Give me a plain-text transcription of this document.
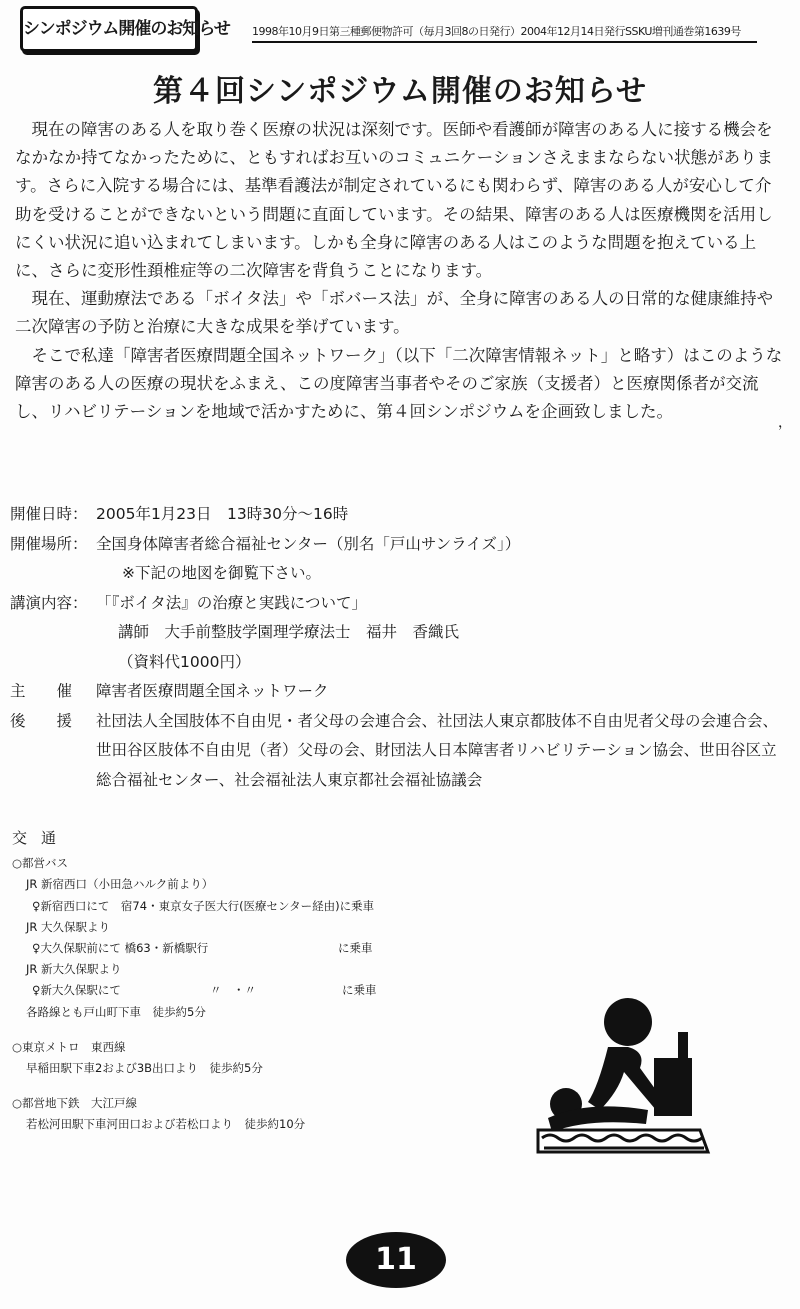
シンポジウム開催のお知らせ 1998年10月9日第三種郵便物許可（毎月3回8の日発行）2004年12月14日発行SSKU増刊通巻第1639号
第４回シンポジウム開催のお知らせ

現在の障害のある人を取り巻く医療の状況は深刻です。医師や看護師が障害のある人に接する機会をなかなか持てなかったために、ともすればお互いのコミュニケーションさえままならない状態があります。さらに入院する場合には、基準看護法が制定されているにも関わらず、障害のある人が安心して介助を受けることができないという問題に直面しています。その結果、障害のある人は医療機関を活用しにくい状況に追い込まれてしまいます。しかも全身に障害のある人はこのような問題を抱えている上に、さらに変形性頚椎症等の二次障害を背負うことになります。

現在、運動療法である「ボイタ法」や「ボバース法」が、全身に障害のある人の日常的な健康維持や二次障害の予防と治療に大きな成果を挙げています。

そこで私達「障害者医療問題全国ネットワーク」（以下「二次障害情報ネット」と略す）はこのような障害のある人の医療の現状をふまえ、この度障害当事者やそのご家族（支援者）と医療関係者が交流し、リハビリテーションを地域で活かすために、第４回シンポジウムを企画致しました。

開催日時： 2005年1月23日　13時30分～16時
開催場所： 全国身体障害者総合福祉センター（別名「戸山サンライズ」）
※下記の地図を御覧下さい。
講演内容： 「『ボイタ法』の治療と実践について」
講師　大手前整肢学園理学療法士　福井　香織氏
（資料代1000円）
主　　催	障害者医療問題全国ネットワーク
後　　援	社団法人全国肢体不自由児・者父母の会連合会、社団法人東京都肢体不自由児者父母の会連合会、世田谷区肢体不自由児（者）父母の会、財団法人日本障害者リハビリテーション協会、世田谷区立総合福祉センター、社会福祉法人東京都社会福祉協議会
交通
○都営バス
JR 新宿西口（小田急ハルク前より）
♀新宿西口にて　宿74・東京女子医大行(医療センター経由)に乗車
JR 大久保駅より
♀大久保駅前にて 橋63・新橋駅行	に乗車
JR 新大久保駅より
♀新大久保駅にて	〃　・〃	に乗車
各路線とも戸山町下車　徒歩約5分
○東京メトロ　東西線
早稲田駅下車2および3B出口より　徒歩約5分
○都営地下鉄　大江戸線
若松河田駅下車河田口および若松口より　徒歩約10分
，
11
